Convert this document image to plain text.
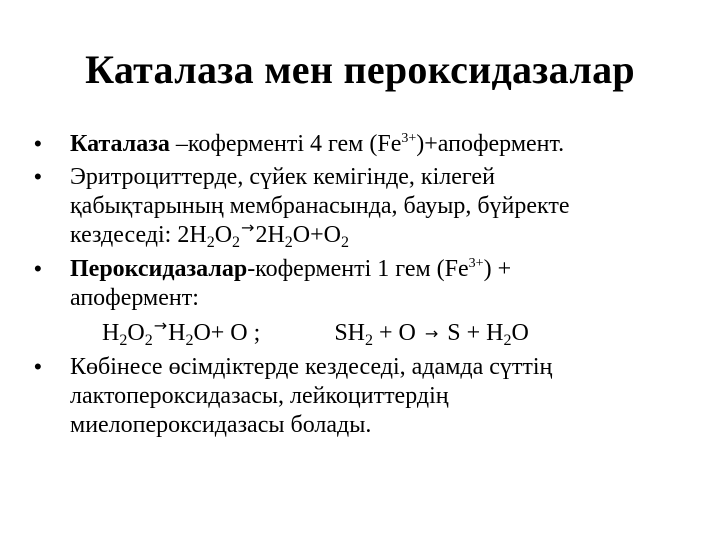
Каталаза мен пероксидазалар
• Каталаза –коферменті 4 гем $(Fe^{3+})+апофермент$.
• Эритроциттерде, сүйек кемігінде, кілегей
қабықтарының мембранасында, бауыр, бүйректе
кездеседі: $2H_2O_2\to 2H_2O+O_2$
• Пероксидазалар-коферменті 1 гем $(Fe^{3+})$ +
апофермент:
$H_2O_2\to H_2O+ O$ ;	$SH_2 + O \to S + H_2O$
• Көбінесе өсімдіктерде кездеседі, адамда сүттің
лактопероксидазасы, лейкоциттердің
миелопероксидазасы болады.
